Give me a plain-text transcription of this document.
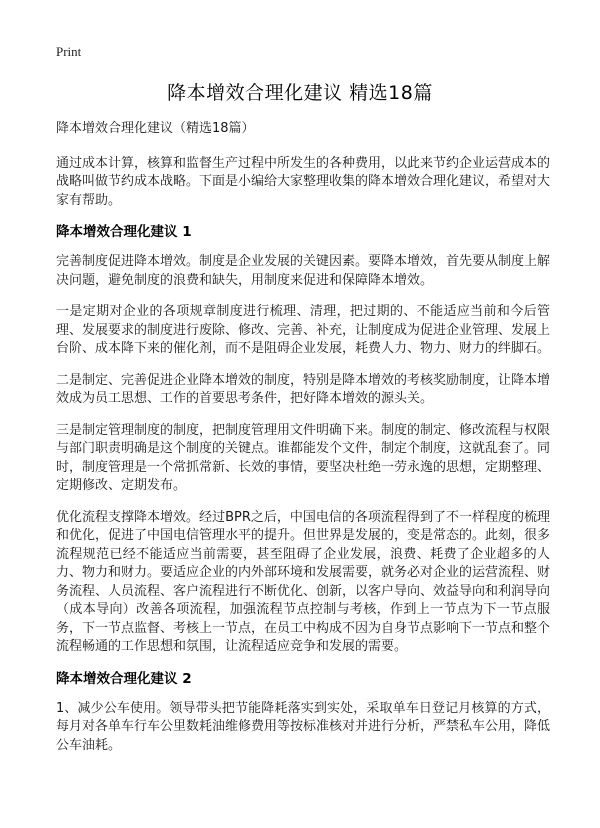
Print
降本增效合理化建议 精选18篇

降本增效合理化建议（精选18篇）

通过成本计算，核算和监督生产过程中所发生的各种费用，以此来节约企业运营成本的战略叫做节约成本战略。下面是小编给大家整理收集的降本增效合理化建议，希望对大家有帮助。

降本增效合理化建议 1

完善制度促进降本增效。制度是企业发展的关键因素。要降本增效，首先要从制度上解决问题，避免制度的浪费和缺失，用制度来促进和保障降本增效。

一是定期对企业的各项规章制度进行梳理、清理，把过期的、不能适应当前和今后管理、发展要求的制度进行废除、修改、完善、补充，让制度成为促进企业管理、发展上台阶、成本降下来的催化剂，而不是阻碍企业发展，耗费人力、物力、财力的绊脚石。

二是制定、完善促进企业降本增效的制度，特别是降本增效的考核奖励制度，让降本增效成为员工思想、工作的首要思考条件，把好降本增效的源头关。

三是制定管理制度的制度，把制度管理用文件明确下来。制度的制定、修改流程与权限与部门职责明确是这个制度的关键点。谁都能发个文件，制定个制度，这就乱套了。同时，制度管理是一个常抓常新、长效的事情，要坚决杜绝一劳永逸的思想，定期整理、定期修改、定期发布。

优化流程支撑降本增效。经过BPR之后，中国电信的各项流程得到了不一样程度的梳理和优化，促进了中国电信管理水平的提升。但世界是发展的，变是常态的。此刻，很多流程规范已经不能适应当前需要，甚至阻碍了企业发展，浪费、耗费了企业超多的人力、物力和财力。要适应企业的内外部环境和发展需要，就务必对企业的运营流程、财务流程、人员流程、客户流程进行不断优化、创新，以客户导向、效益导向和利润导向（成本导向）改善各项流程，加强流程节点控制与考核，作到上一节点为下一节点服务，下一节点监督、考核上一节点，在员工中构成不因为自身节点影响下一节点和整个流程畅通的工作思想和氛围，让流程适应竞争和发展的需要。

降本增效合理化建议 2

1、减少公车使用。领导带头把节能降耗落实到实处，采取单车日登记月核算的方式，每月对各单车行车公里数耗油维修费用等按标准核对并进行分析，严禁私车公用，降低公车油耗。
